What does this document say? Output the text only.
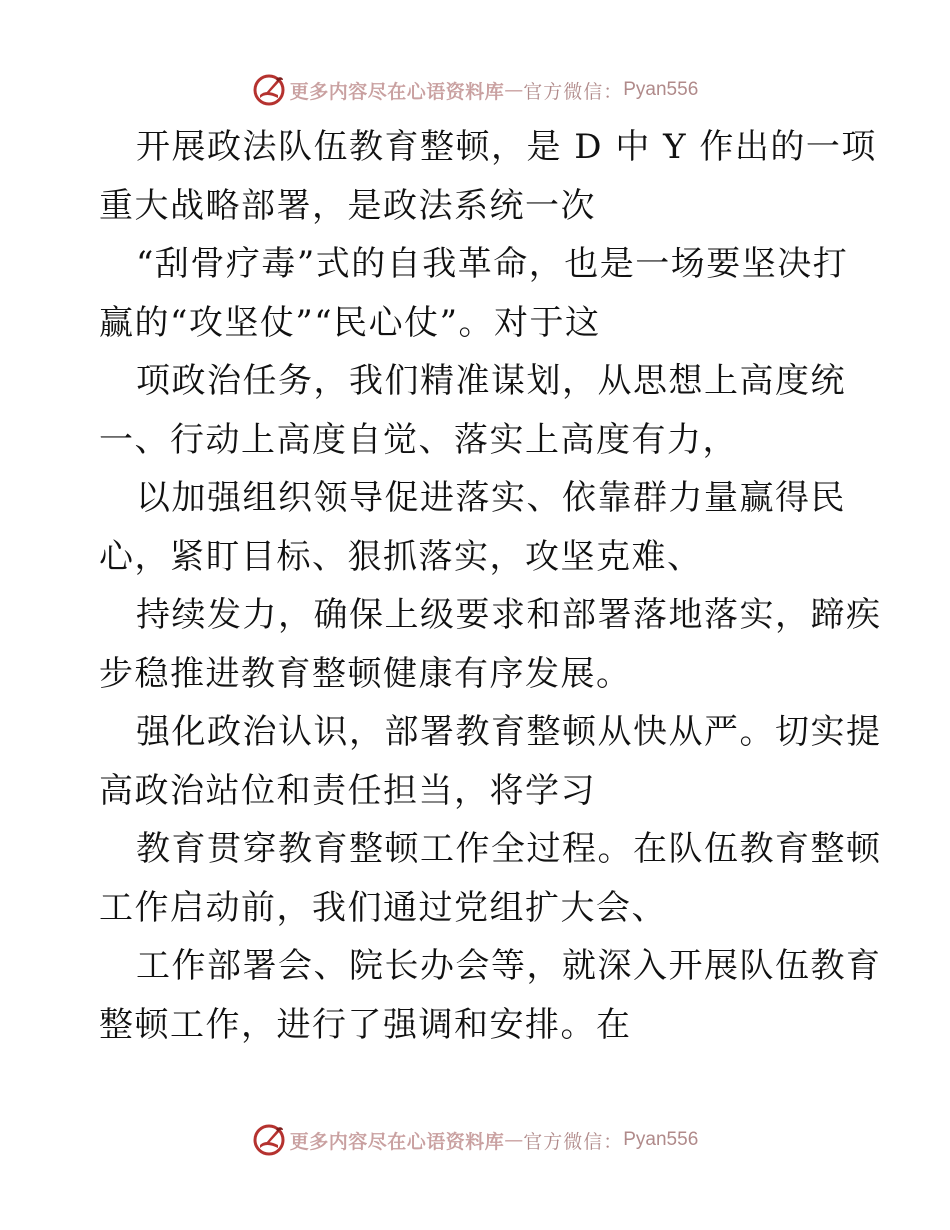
更多内容尽在心语资料库 — 官方微信： Pyan556
开展政法队伍教育整顿，是 D 中 Y 作出的一项
重大战略部署，是政法系统一次
“刮骨疗毒”式的自我革命，也是一场要坚决打
赢的“攻坚仗”“民心仗”。对于这
项政治任务，我们精准谋划，从思想上高度统
一、行动上高度自觉、落实上高度有力，
以加强组织领导促进落实、依靠群力量赢得民
心，紧盯目标、狠抓落实，攻坚克难、
持续发力，确保上级要求和部署落地落实，蹄疾
步稳推进教育整顿健康有序发展。
强化政治认识，部署教育整顿从快从严。切实提
高政治站位和责任担当，将学习
教育贯穿教育整顿工作全过程。在队伍教育整顿
工作启动前，我们通过党组扩大会、
工作部署会、院长办会等，就深入开展队伍教育
整顿工作，进行了强调和安排。在
更多内容尽在心语资料库 — 官方微信： Pyan556
